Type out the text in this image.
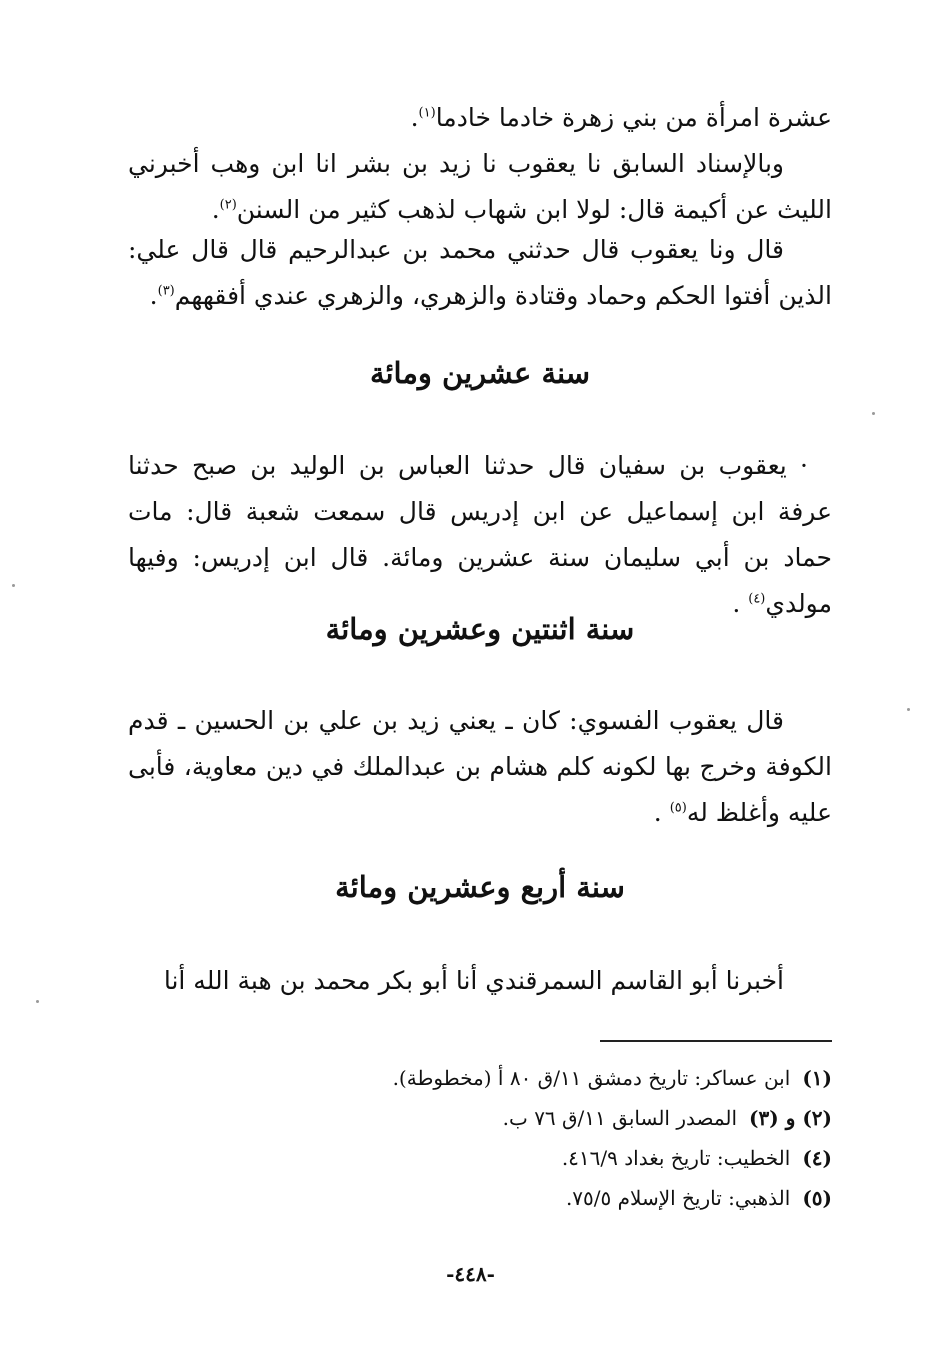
عشرة امرأة من بني زهرة خادما خادما$^{(١)}$.

وبالإسناد السابق نا يعقوب نا زيد بن بشر انا ابن وهب أخبرني الليث عن أكيمة قال: لولا ابن شهاب لذهب كثير من السنن$^{(٢)}$.

قال ونا يعقوب قال حدثني محمد بن عبدالرحيم قال قال علي: الذين أفتوا الحكم وحماد وقتادة والزهري، والزهري عندي أفقههم$^{(٣)}$.

سنة عشرين ومائة

· يعقوب بن سفيان قال حدثنا العباس بن الوليد بن صبح حدثنا عرفة ابن إسماعيل عن ابن إدريس قال سمعت شعبة قال: مات حماد بن أبي سليمان سنة عشرين ومائة. قال ابن إدريس: وفيها مولدي$^{(٤)}$ .

سنة اثنتين وعشرين ومائة

قال يعقوب الفسوي: كان ـ يعني زيد بن علي بن الحسين ـ قدم الكوفة وخرج بها لكونه كلم هشام بن عبدالملك في دين معاوية، فأبى عليه وأغلظ له$^{(٥)}$ .

سنة أربع وعشرين ومائة

أخبرنا أبو القاسم السمرقندي أنا أبو بكر محمد بن هبة الله أنا

(١)ابن عساكر: تاريخ دمشق ١١/ق ٨٠ أ (مخطوطة).
(٢) و (٣)المصدر السابق ١١/ق ٧٦ ب.
(٤)الخطيب: تاريخ بغداد ٤١٦/٩.
(٥)الذهبي: تاريخ الإسلام ٧٥/٥.
-٤٤٨-
